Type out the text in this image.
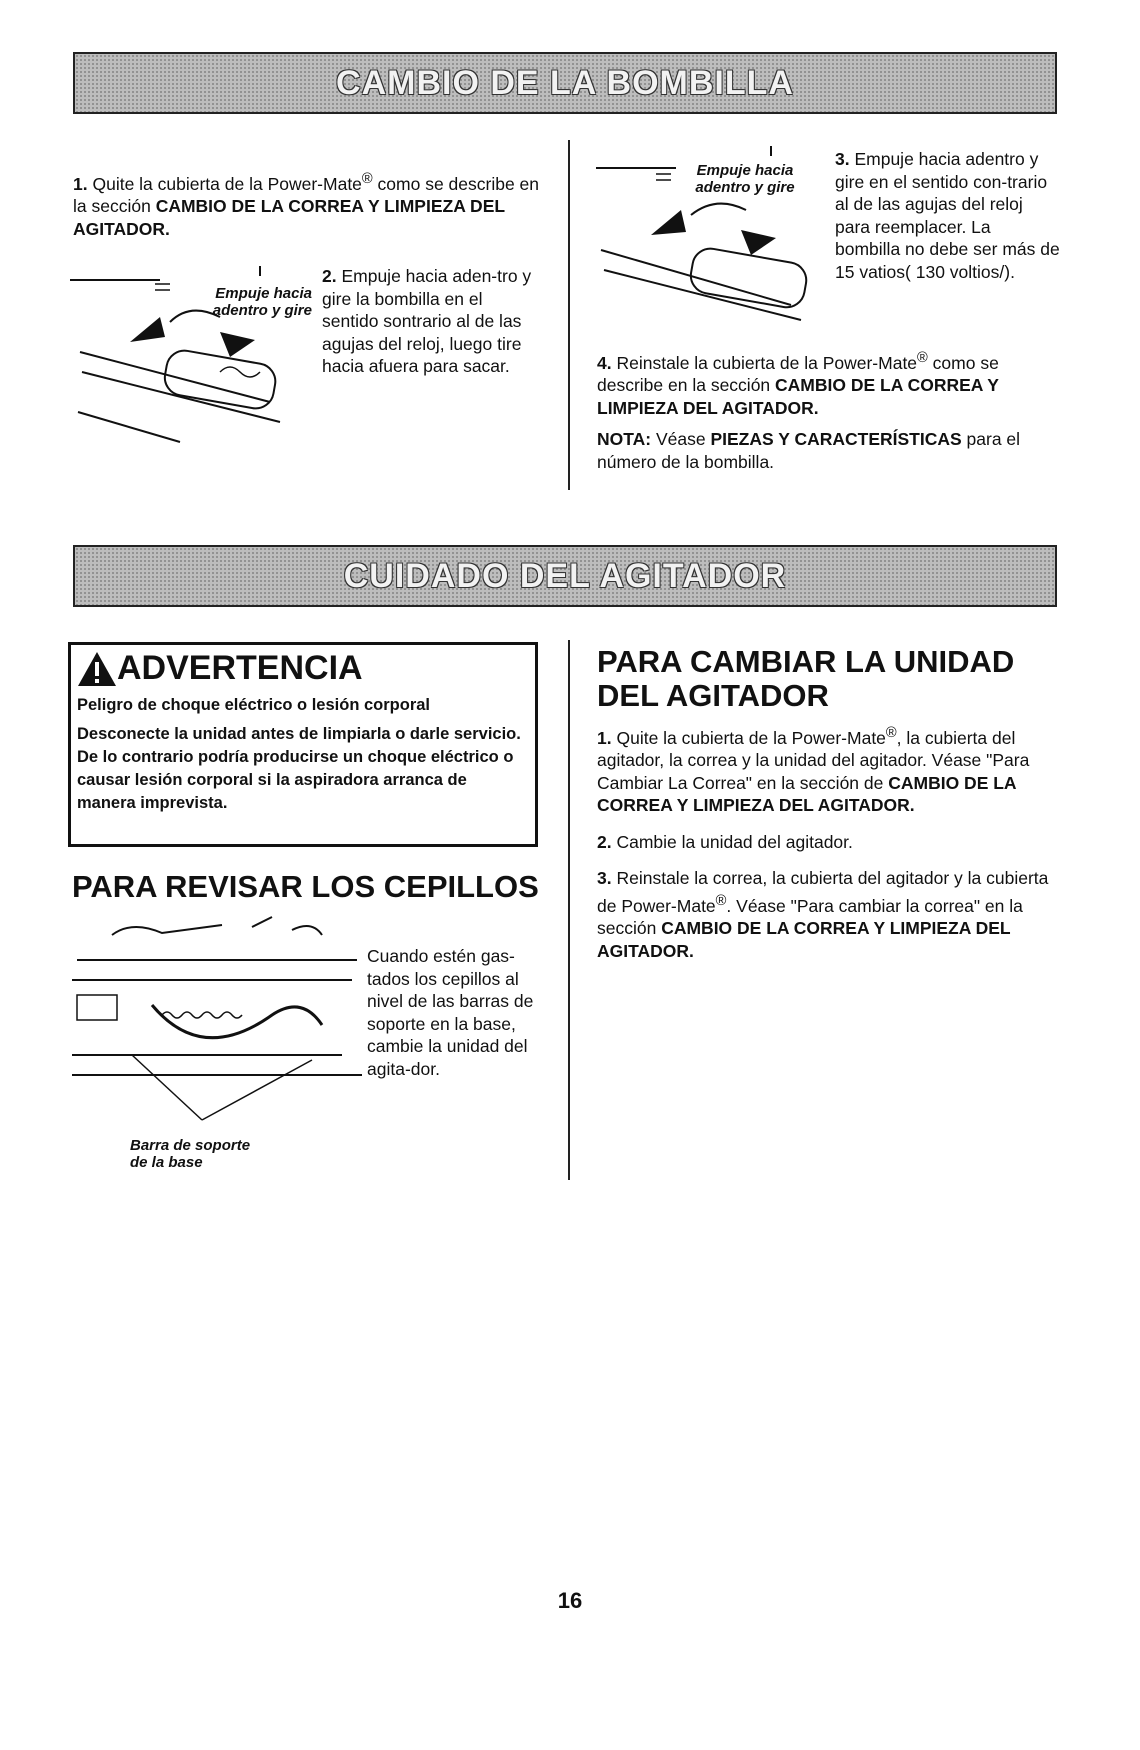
CAMBIO DE LA BOMBILLA

1. Quite la cubierta de la Power-Mate® como se describe en la sección CAMBIO DE LA CORREA Y LIMPIEZA DEL AGITADOR.

Empuje hacia
adentro y gire

2. Empuje hacia aden-tro y gire la bombilla en el sentido sontrario al de las agujas del reloj, luego tire hacia afuera para sacar.

Empuje hacia
adentro y gire

3. Empuje hacia adentro y gire en el sentido con-trario al de las agujas del reloj para reemplacer. La bombilla no debe ser más de 15 vatios( 130 voltios/).

4. Reinstale la cubierta de la Power-Mate® como se describe en la sección CAMBIO DE LA CORREA Y LIMPIEZA DEL AGITADOR.

NOTA: Véase PIEZAS Y CARACTERÍSTICAS para el número de la bombilla.

CUIDADO DEL AGITADOR
ADVERTENCIA
Peligro de choque eléctrico o lesión corporal
Desconecte la unidad antes de limpiarla o darle servicio. De lo contrario podría producirse un choque eléctrico o causar lesión corporal si la aspiradora arranca de manera imprevista.
PARA REVISAR LOS CEPILLOS
Barra de soporte
de la base

Cuando estén gas-tados los cepillos al nivel de las barras de soporte en la base, cambie la unidad del agita-dor.

PARA CAMBIAR LA UNIDAD
DEL AGITADOR

1. Quite la cubierta de la Power-Mate®, la cubierta del agitador, la correa y la unidad del agitador. Véase "Para Cambiar La Correa" en la sección de CAMBIO DE LA CORREA Y LIMPIEZA DEL AGITADOR.

2. Cambie la unidad del agitador.

3. Reinstale la correa, la cubierta del agitador y la cubierta de Power-Mate®. Véase "Para cambiar la correa" en la sección CAMBIO DE LA CORREA Y LIMPIEZA DEL AGITADOR.

16
